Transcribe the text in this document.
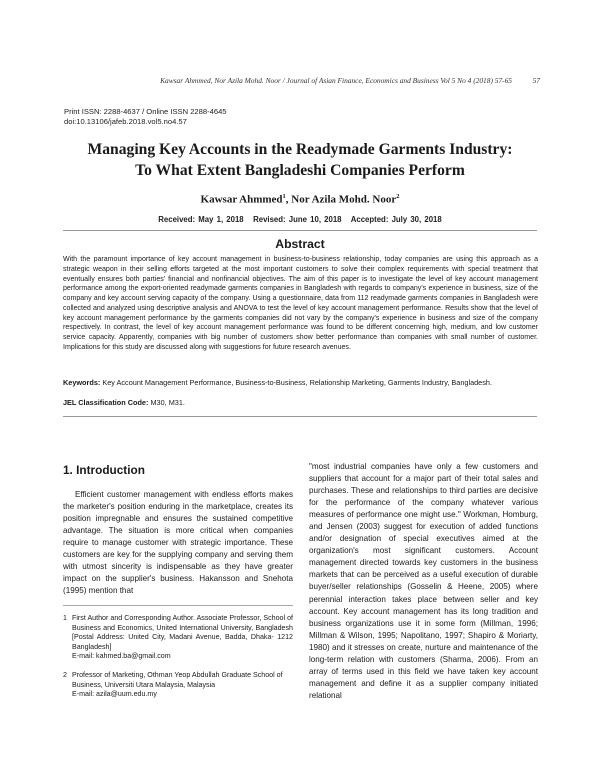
Kawsar Ahmmed, Nor Azila Mohd. Noor / Journal of Asian Finance, Economics and Business Vol 5 No 4 (2018) 57-65	57
Print ISSN: 2288-4637 / Online ISSN 2288-4645
doi:10.13106/jafeb.2018.vol5.no4.57
Managing Key Accounts in the Readymade Garments Industry:
To What Extent Bangladeshi Companies Perform
Kawsar Ahmmed$^1$, Nor Azila Mohd. Noor$^2$
Received: May 1, 2018   Revised: June 10, 2018   Accepted: July 30, 2018
Abstract
With the paramount importance of key account management in business-to-business relationship, today companies are using this approach as a strategic weapon in their selling efforts targeted at the most important customers to solve their complex requirements with special treatment that eventually ensures both parties' financial and nonfinancial objectives. The aim of this paper is to investigate the level of key account management performance among the export-oriented readymade garments companies in Bangladesh with regards to company's experience in business, size of the company and key account serving capacity of the company. Using a questionnaire, data from 112 readymade garments companies in Bangladesh were collected and analyzed using descriptive analysis and ANOVA to test the level of key account management performance. Results show that the level of key account management performance by the garments companies did not vary by the company's experience in business and size of the company respectively. In contrast, the level of key account management performance was found to be different concerning high, medium, and low customer service capacity. Apparently, companies with big number of customers show better performance than companies with small number of customer. Implications for this study are discussed along with suggestions for future research avenues.
Keywords: Key Account Management Performance, Business-to-Business, Relationship Marketing, Garments Industry, Bangladesh.
JEL Classification Code: M30, M31.
1. Introduction

Efficient customer management with endless efforts makes the marketer's position enduring in the marketplace, creates its position impregnable and ensures the sustained competitive advantage. The situation is more critical when companies require to manage customer with strategic importance. These customers are key for the supplying company and serving them with utmost sincerity is indispensable as they have greater impact on the supplier's business. Hakansson and Snehota (1995) mention that

1 First Author and Corresponding Author. Associate Professor, School of Business and Economics, United International University, Bangladesh [Postal Address: United City, Madani Avenue, Badda, Dhaka- 1212 Bangladesh]
E-mail: kahmed.ba@gmail.com
2 Professor of Marketing, Othman Yeop Abdullah Graduate School of Business, Universiti Utara Malaysia, Malaysia
E-mail: azila@uum.edu.my

"most industrial companies have only a few customers and suppliers that account for a major part of their total sales and purchases. These and relationships to third parties are decisive for the performance of the company whatever various measures of performance one might use." Workman, Homburg, and Jensen (2003) suggest for execution of added functions and/or designation of special executives aimed at the organization's most significant customers. Account management directed towards key customers in the business markets that can be perceived as a useful execution of durable buyer/seller relationships (Gosselin & Heene, 2005) where perennial interaction takes place between seller and key account. Key account management has its long tradition and business organizations use it in some form (Millman, 1996; Millman & Wilson, 1995; Napolitano, 1997; Shapiro & Moriarty, 1980) and it stresses on create, nurture and maintenance of the long-term relation with customers (Sharma, 2006). From an array of terms used in this field we have taken key account management and define it as a supplier company initiated relational
